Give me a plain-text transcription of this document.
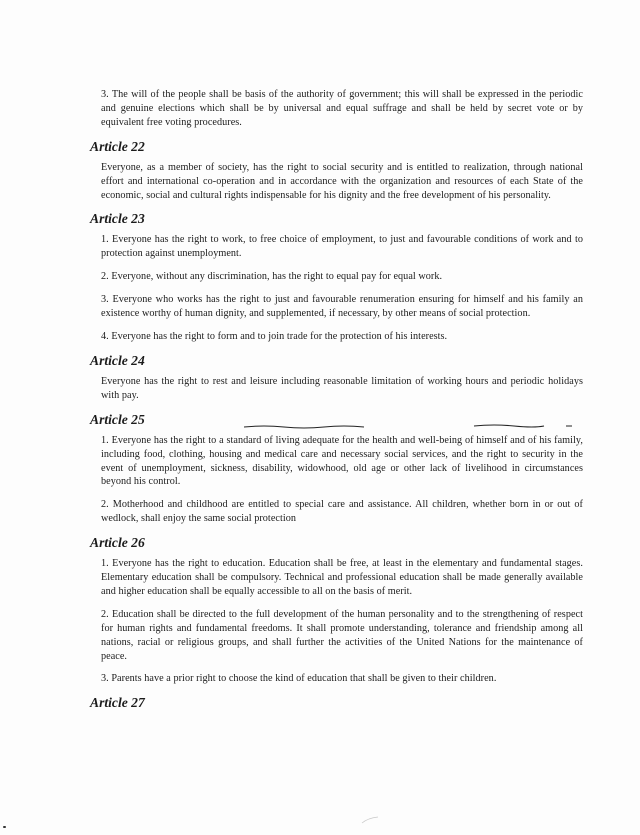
3. The will of the people shall be basis of the authority of government; this will shall be expressed in the periodic and genuine elections which shall be by universal and equal suffrage and shall be held by secret vote or by equivalent free voting procedures.

Article 22

Everyone, as a member of society, has the right to social security and is entitled to realization, through national effort and international co-operation and in accordance with the organization and resources of each State of the economic, social and cultural rights indispensable for his dignity and the free development of his personality.

Article 23

1. Everyone has the right to work, to free choice of employment, to just and favourable conditions of work and to protection against unemployment.

2. Everyone, without any discrimination, has the right to equal pay for equal work.

3. Everyone who works has the right to just and favourable renumeration ensuring for himself and his family an existence worthy of human dignity, and supplemented, if necessary, by other means of social protection.

4. Everyone has the right to form and to join trade for the protection of his interests.

Article 24

Everyone has the right to rest and leisure including reasonable limitation of working hours and periodic holidays with pay.

Article 25

1. Everyone has the right to a standard of living adequate for the health and well-being of himself and of his family, including food, clothing, housing and medical care and necessary social services, and the right to security in the event of unemployment, sickness, disability, widowhood, old age or other lack of livelihood in circumstances beyond his control.

2. Motherhood and childhood are entitled to special care and assistance. All children, whether born in or out of wedlock, shall enjoy the same social protection

Article 26

1. Everyone has the right to education. Education shall be free, at least in the elementary and fundamental stages. Elementary education shall be compulsory. Technical and professional education shall be made generally available and higher education shall be equally accessible to all on the basis of merit.

2. Education shall be directed to the full development of the human personality and to the strengthening of respect for human rights and fundamental freedoms. It shall promote understanding, tolerance and friendship among all nations, racial or religious groups, and shall further the activities of the United Nations for the maintenance of peace.

3. Parents have a prior right to choose the kind of education that shall be given to their children.

Article 27
